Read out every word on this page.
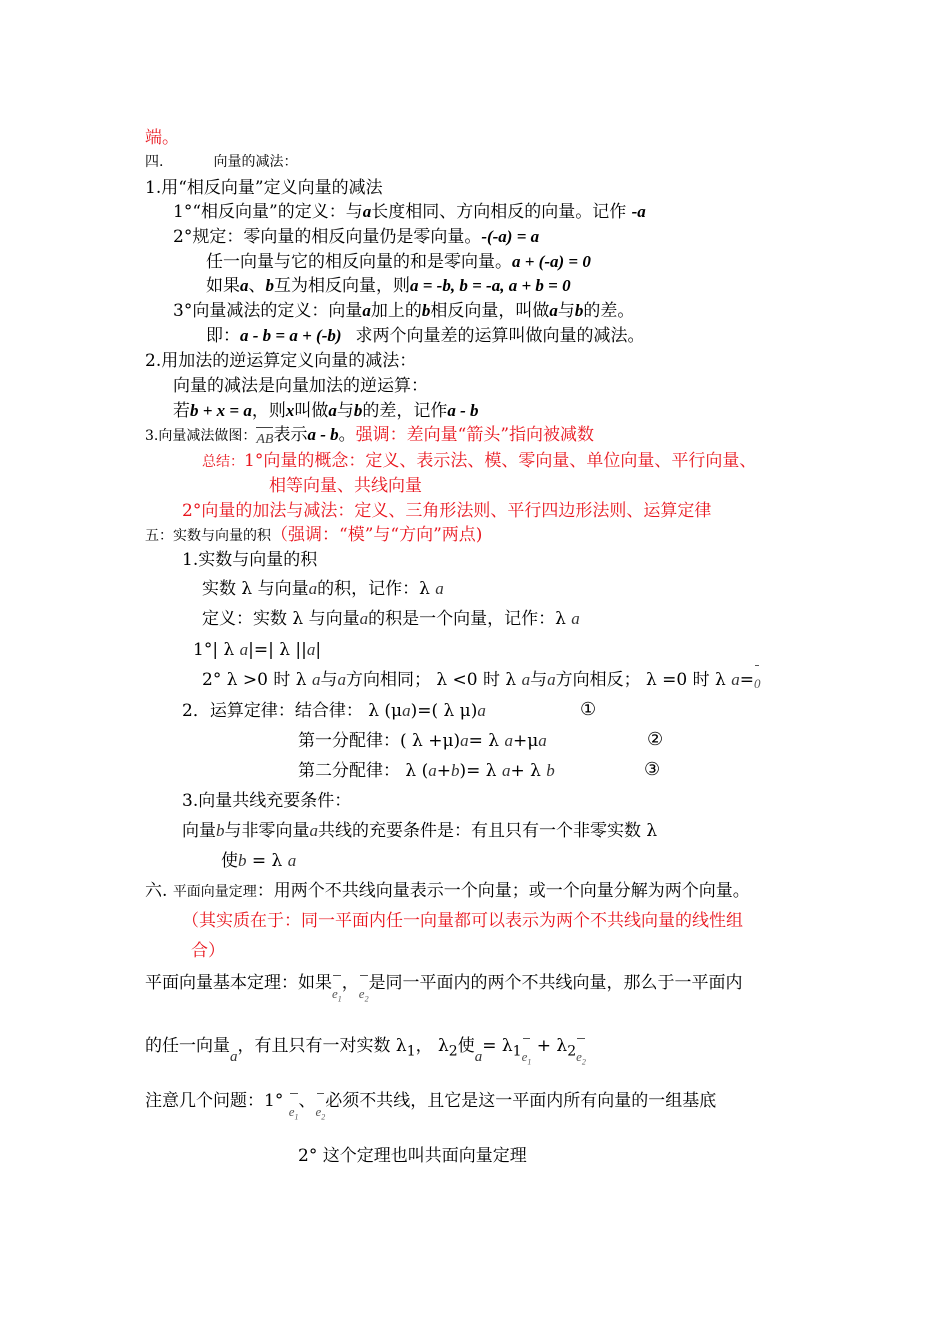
端。
四.	向量的减法：
1.用“相反向量”定义向量的减法
1°“相反向量”的定义：与a长度相同、方向相反的向量。记作 -a
2°规定：零向量的相反向量仍是零向量。-(-a) = a
任一向量与它的相反向量的和是零向量。a + (-a) = 0
如果a、b互为相反向量，则a = -b, b = -a, a + b = 0
3°向量减法的定义：向量a加上的b相反向量，叫做a与b的差。
即：a - b = a + (-b) 求两个向量差的运算叫做向量的减法。
2.用加法的逆运算定义向量的减法：
向量的减法是向量加法的逆运算：
若b + x = a，则x叫做a与b的差，记作a - b
3.向量减法做图：AB表示a - b。强调：差向量“箭头”指向被减数
总结：1°向量的概念：定义、表示法、模、零向量、单位向量、平行向量、
相等向量、共线向量
2°向量的加法与减法：定义、三角形法则、平行四边形法则、运算定律
五：实数与向量的积（强调：“模”与“方向”两点)
1.实数与向量的积
实数 λ 与向量a的积，记作：λ a
定义：实数 λ 与向量a的积是一个向量，记作：λ a
1°| λ a|=| λ ||a|
2° λ >0 时 λ a与a方向相同； λ <0 时 λ a与a方向相反； λ =0 时 λ a=0
2．运算定律：结合律： λ (μa)=( λ μ)a	①
第一分配律：( λ +μ)a= λ a+μa	②
第二分配律： λ (a+b)= λ a+ λ b	③
3.向量共线充要条件：
向量b与非零向量a共线的充要条件是：有且只有一个非零实数 λ
使b = λ a
六. 平面向量定理：用两个不共线向量表示一个向量；或一个向量分解为两个向量。
（其实质在于：同一平面内任一向量都可以表示为两个不共线向量的线性组
合）
平面向量基本定理：如果$e_1$，$e_2$是同一平面内的两个不共线向量，那么于一平面内
的任一向量a，有且只有一对实数 $\lambda_1$， $\lambda_2$使$a= \lambda_1e_1 + \lambda_2e_2$
注意几个问题：1° $e_1$、$e_2$必须不共线，且它是这一平面内所有向量的一组基底
2° 这个定理也叫共面向量定理
